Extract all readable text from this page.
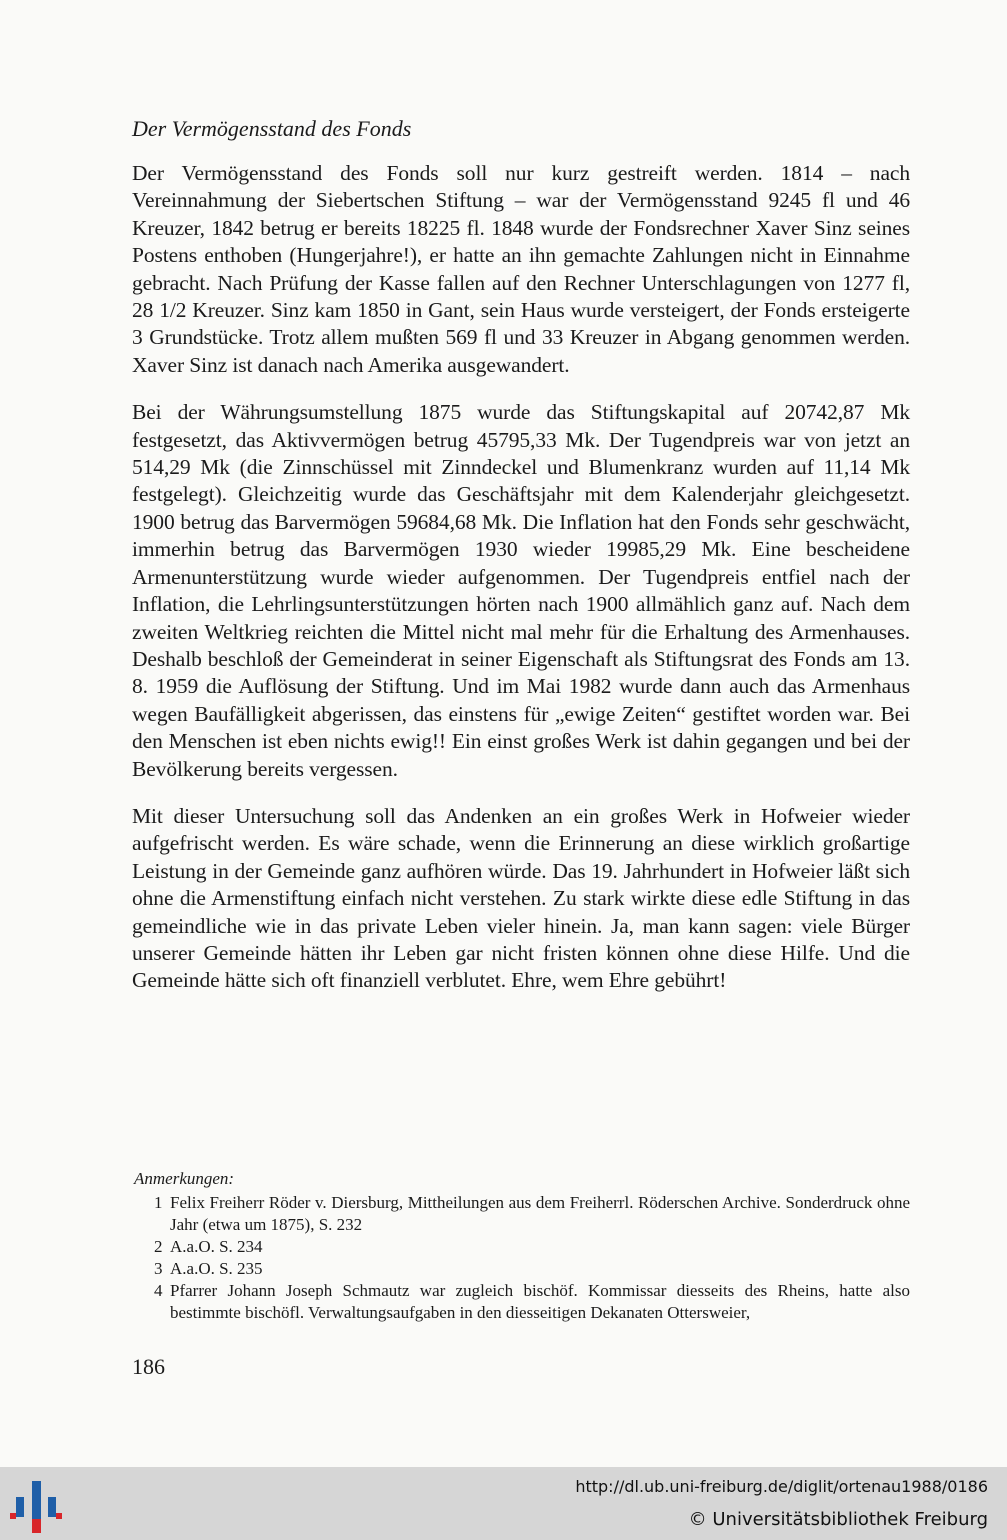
Der Vermögensstand des Fonds

Der Vermögensstand des Fonds soll nur kurz gestreift werden. 1814 – nach Vereinnahmung der Siebertschen Stiftung – war der Vermögensstand 9245 fl und 46 Kreuzer, 1842 betrug er bereits 18225 fl. 1848 wurde der Fondsrechner Xaver Sinz seines Postens enthoben (Hungerjahre!), er hatte an ihn gemachte Zahlungen nicht in Einnahme gebracht. Nach Prüfung der Kasse fallen auf den Rechner Unterschlagungen von 1277 fl, 28 1/2 Kreuzer. Sinz kam 1850 in Gant, sein Haus wurde versteigert, der Fonds ersteigerte 3 Grundstücke. Trotz allem mußten 569 fl und 33 Kreuzer in Abgang genommen werden. Xaver Sinz ist danach nach Amerika ausgewandert.

Bei der Währungsumstellung 1875 wurde das Stiftungskapital auf 20742,87 Mk festgesetzt, das Aktivvermögen betrug 45795,33 Mk. Der Tugendpreis war von jetzt an 514,29 Mk (die Zinnschüssel mit Zinndeckel und Blumenkranz wurden auf 11,14 Mk festgelegt). Gleichzeitig wurde das Geschäftsjahr mit dem Kalenderjahr gleichgesetzt. 1900 betrug das Barvermögen 59684,68 Mk. Die Inflation hat den Fonds sehr geschwächt, immerhin betrug das Barvermögen 1930 wieder 19985,29 Mk. Eine bescheidene Armenunterstützung wurde wieder aufgenommen. Der Tugendpreis entfiel nach der Inflation, die Lehrlingsunterstützungen hörten nach 1900 allmählich ganz auf. Nach dem zweiten Weltkrieg reichten die Mittel nicht mal mehr für die Erhaltung des Armenhauses. Deshalb beschloß der Gemeinderat in seiner Eigenschaft als Stiftungsrat des Fonds am 13. 8. 1959 die Auflösung der Stiftung. Und im Mai 1982 wurde dann auch das Armenhaus wegen Baufälligkeit abgerissen, das einstens für „ewige Zeiten“ gestiftet worden war. Bei den Menschen ist eben nichts ewig!! Ein einst großes Werk ist dahin gegangen und bei der Bevölkerung bereits vergessen.

Mit dieser Untersuchung soll das Andenken an ein großes Werk in Hofweier wieder aufgefrischt werden. Es wäre schade, wenn die Erinnerung an diese wirklich großartige Leistung in der Gemeinde ganz aufhören würde. Das 19. Jahrhundert in Hofweier läßt sich ohne die Armenstiftung einfach nicht verstehen. Zu stark wirkte diese edle Stiftung in das gemeindliche wie in das private Leben vieler hinein. Ja, man kann sagen: viele Bürger unserer Gemeinde hätten ihr Leben gar nicht fristen können ohne diese Hilfe. Und die Gemeinde hätte sich oft finanziell verblutet. Ehre, wem Ehre gebührt!

Anmerkungen:
1 Felix Freiherr Röder v. Diersburg, Mittheilungen aus dem Freiherrl. Röderschen Archive. Sonderdruck ohne Jahr (etwa um 1875), S. 232
2 A.a.O. S. 234
3 A.a.O. S. 235
4 Pfarrer Johann Joseph Schmautz war zugleich bischöf. Kommissar diesseits des Rheins, hatte also bestimmte bischöfl. Verwaltungsaufgaben in den diesseitigen Dekanaten Ottersweier,
186
http://dl.ub.uni-freiburg.de/diglit/ortenau1988/0186
© Universitätsbibliothek Freiburg
